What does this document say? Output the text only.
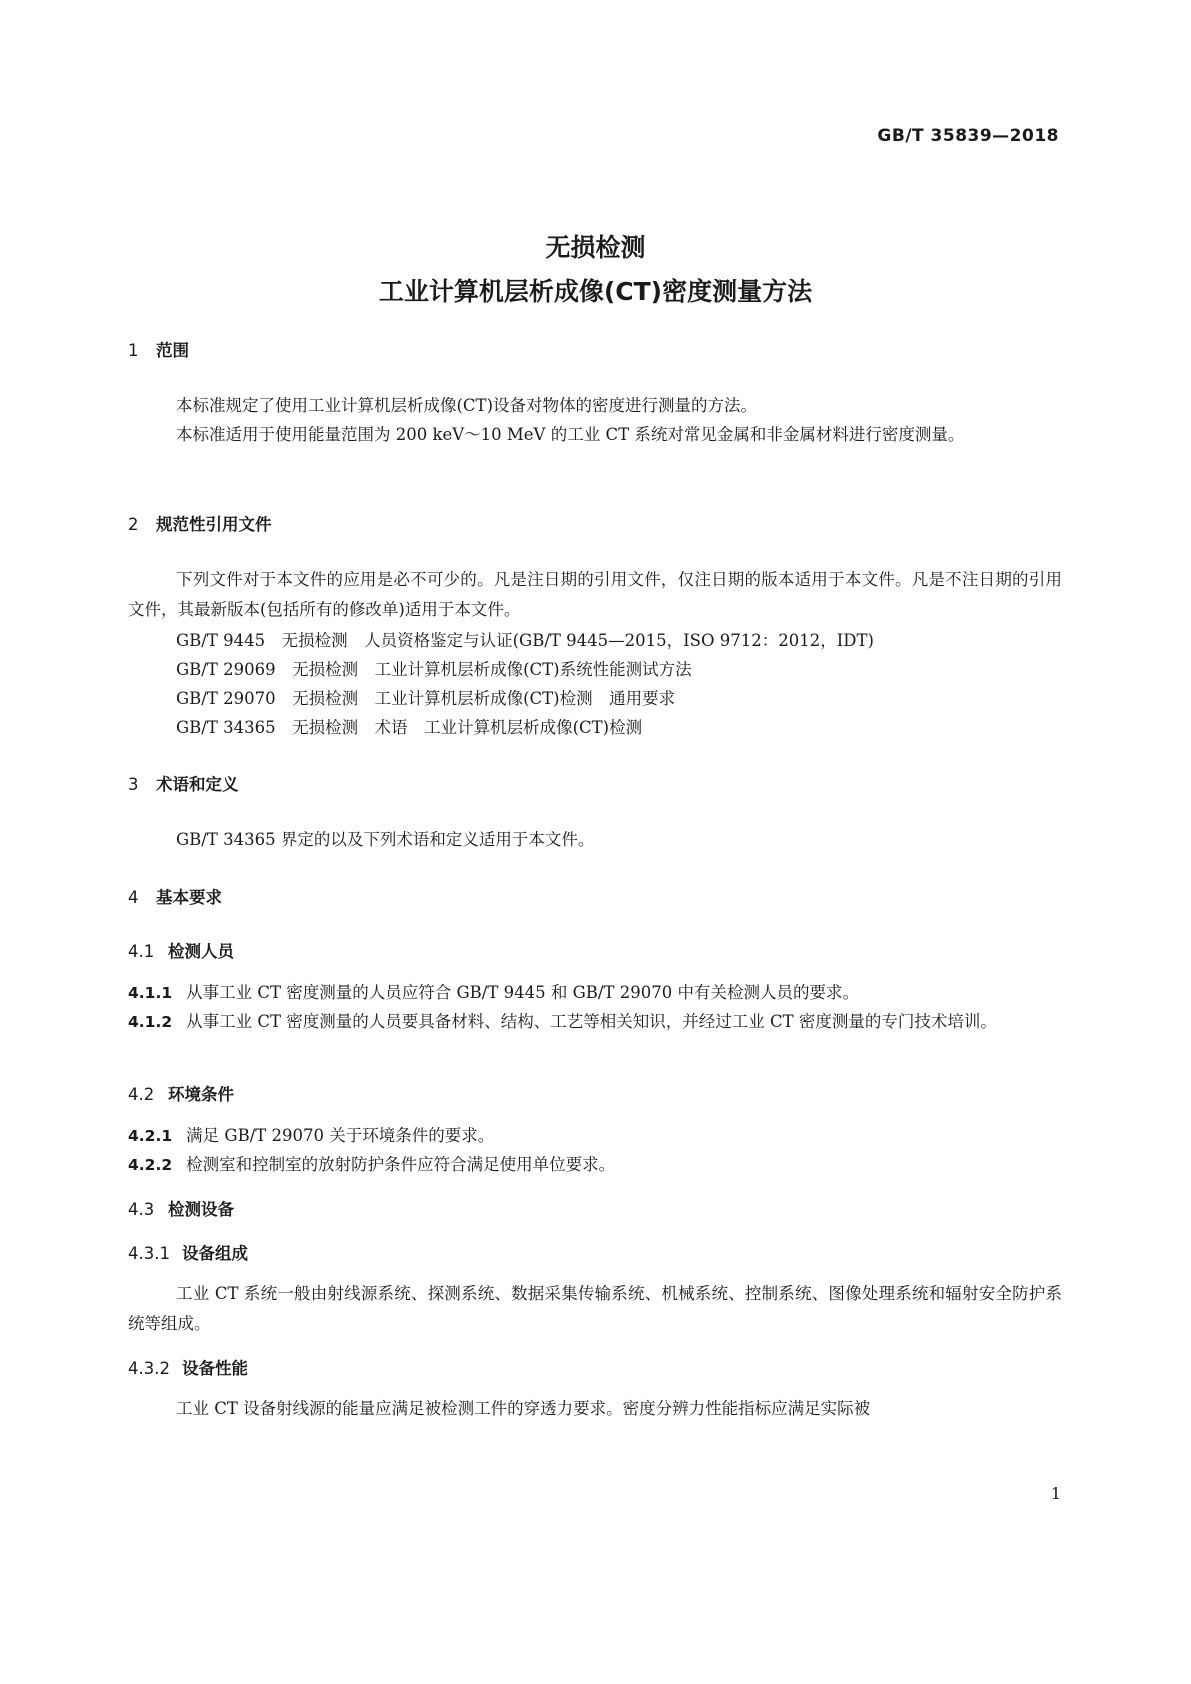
GB/T 35839—2018
无损检测
工业计算机层析成像(CT)密度测量方法
1 范围
本标准规定了使用工业计算机层析成像(CT)设备对物体的密度进行测量的方法。
本标准适用于使用能量范围为 200 keV～10 MeV 的工业 CT 系统对常见金属和非金属材料进行密度测量。
2 规范性引用文件
下列文件对于本文件的应用是必不可少的。凡是注日期的引用文件，仅注日期的版本适用于本文件。凡是不注日期的引用文件，其最新版本(包括所有的修改单)适用于本文件。
GB/T 9445　无损检测　人员资格鉴定与认证(GB/T 9445—2015，ISO 9712：2012，IDT)
GB/T 29069　无损检测　工业计算机层析成像(CT)系统性能测试方法
GB/T 29070　无损检测　工业计算机层析成像(CT)检测　通用要求
GB/T 34365　无损检测　术语　工业计算机层析成像(CT)检测
3 术语和定义
GB/T 34365 界定的以及下列术语和定义适用于本文件。
4 基本要求
4.1 检测人员
4.1.1 从事工业 CT 密度测量的人员应符合 GB/T 9445 和 GB/T 29070 中有关检测人员的要求。
4.1.2 从事工业 CT 密度测量的人员要具备材料、结构、工艺等相关知识，并经过工业 CT 密度测量的专门技术培训。
4.2 环境条件
4.2.1 满足 GB/T 29070 关于环境条件的要求。
4.2.2 检测室和控制室的放射防护条件应符合满足使用单位要求。
4.3 检测设备
4.3.1 设备组成
工业 CT 系统一般由射线源系统、探测系统、数据采集传输系统、机械系统、控制系统、图像处理系统和辐射安全防护系统等组成。
4.3.2 设备性能
工业 CT 设备射线源的能量应满足被检测工件的穿透力要求。密度分辨力性能指标应满足实际被
1
